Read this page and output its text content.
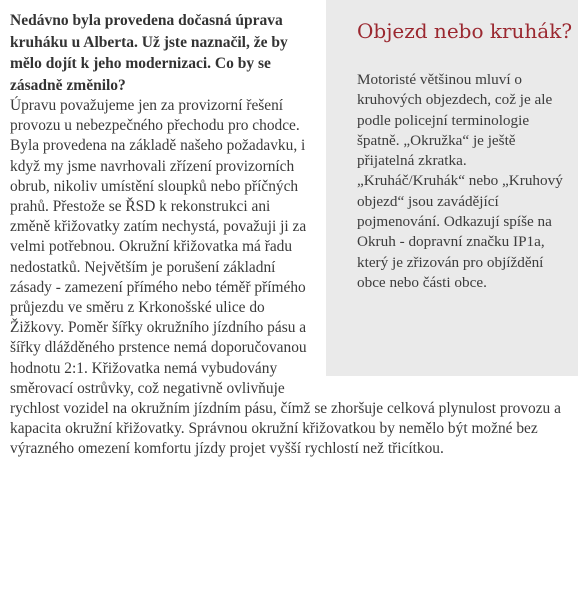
Objezd nebo kruhák?

Motoristé většinou mluví o kruhových objezdech, což je ale podle policejní terminologie špatně. „Okružka“ je ještě přijatelná zkratka. „Kruháč/Kruhák“ nebo „Kruhový objezd“ jsou zavádějící pojmenování. Odkazují spíše na Okruh - dopravní značku IP1a, který je zřizován pro objíždění obce nebo části obce.

Nedávno byla provedena dočasná úprava kruháku u Alberta. Už jste naznačil, že by mělo dojít k jeho modernizaci. Co by se zásadně změnilo?

Úpravu považujeme jen za provizorní řešení provozu u nebezpečného přechodu pro chodce. Byla provedena na základě našeho požadavku, i když my jsme navrhovali zřízení provizorních obrub, nikoliv umístění sloupků nebo příčných prahů. Přestože se ŘSD k rekonstrukci ani změně křižovatky zatím nechystá, považuji ji za velmi potřebnou. Okružní křižovatka má řadu nedostatků. Největším je porušení základní zásady - zamezení přímého nebo téměř přímého průjezdu ve směru z Krkonošské ulice do Žižkovy. Poměr šířky okružního jízdního pásu a šířky dlážděného prstence nemá doporučovanou hodnotu 2:1. Křižovatka nemá vybudovány směrovací ostrůvky, což negativně ovlivňuje rychlost vozidel na okružním jízdním pásu, čímž se zhoršuje celková plynulost provozu a kapacita okružní křižovatky. Správnou okružní křižovatkou by nemělo být možné bez výrazného omezení komfortu jízdy projet vyšší rychlostí než třicítkou.
